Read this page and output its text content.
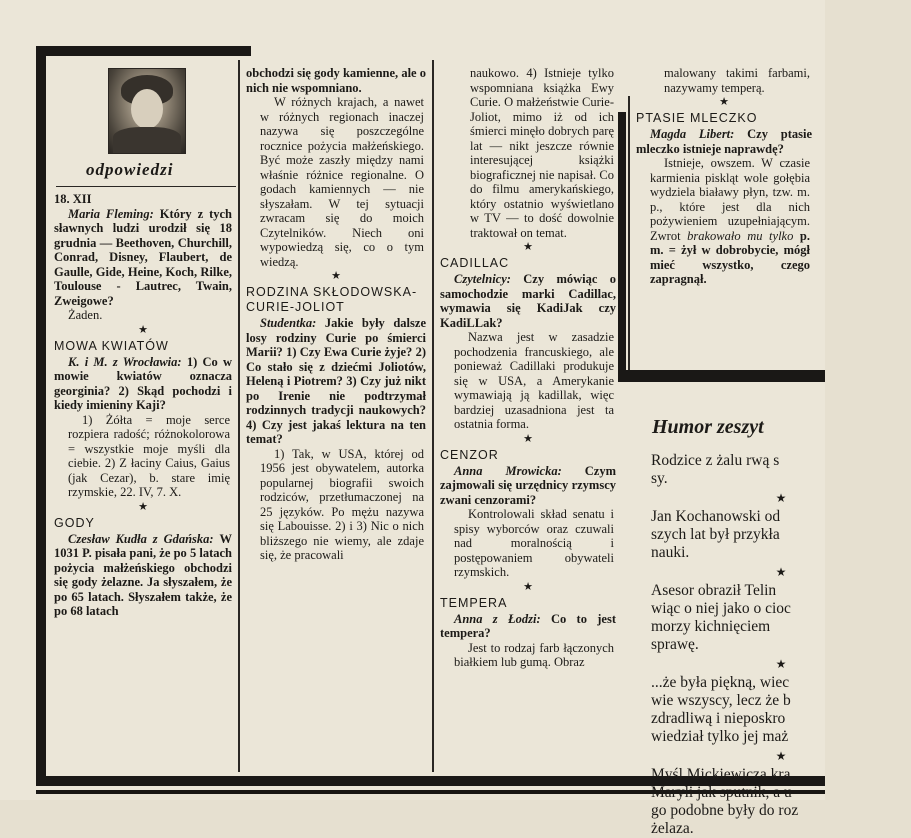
odpowiedzi

18. XII

Maria Fleming: Który z tych sławnych ludzi urodził się 18 grudnia — Beethoven, Churchill, Conrad, Disney, Flaubert, de Gaulle, Gide, Heine, Koch, Rilke, Toulouse - Lautrec, Twain, Zweigowe?

Żaden.

★
MOWA KWIATÓW

K. i M. z Wrocławia: 1) Co w mowie kwiatów oznacza georginia? 2) Skąd pochodzi i kiedy imieniny Kaji?

1) Żółta = moje serce rozpiera radość; różnokolorowa = wszystkie moje myśli dla ciebie. 2) Z łaciny Caius, Gaius (jak Cezar), b. stare imię rzymskie, 22. IV, 7. X.

★
GODY

Czesław Kudła z Gdańska: W 1031 P. pisała pani, że po 5 latach pożycia małżeńskiego obchodzi się gody żelazne. Ja słyszałem, że po 65 latach. Słyszałem także, że po 68 latach

obchodzi się gody kamienne, ale o nich nie wspomniano.

W różnych krajach, a nawet w różnych regionach inaczej nazywa się poszczególne rocznice pożycia małżeńskiego. Być może zaszły między nami właśnie różnice regionalne. O godach kamiennych — nie słyszałam. W tej sytuacji zwracam się do moich Czytelników. Niech oni wypowiedzą się, co o tym wiedzą.

★
RODZINA SKŁODOWSKA-CURIE-JOLIOT

Studentka: Jakie były dalsze losy rodziny Curie po śmierci Marii? 1) Czy Ewa Curie żyje? 2) Co stało się z dziećmi Joliotów, Heleną i Piotrem? 3) Czy już nikt po Irenie nie podtrzymał rodzinnych tradycji naukowych? 4) Czy jest jakaś lektura na ten temat?

1) Tak, w USA, której od 1956 jest obywatelem, autorka popularnej biografii swoich rodziców, przetłumaczonej na 25 języków. Po mężu nazywa się Labouisse. 2) i 3) Nic o nich bliższego nie wiemy, ale zdaje się, że pracowali

naukowo. 4) Istnieje tylko wspomniana książka Ewy Curie. O małżeństwie Curie-Joliot, mimo iż od ich śmierci minęło dobrych parę lat — nikt jeszcze równie interesującej książki biograficznej nie napisał. Co do filmu amerykańskiego, który ostatnio wyświetlano w TV — to dość dowolnie traktował on temat.

★
CADILLAC

Czytelnicy: Czy mówiąc o samochodzie marki Cadillac, wymawia się KadiJak czy KadiLLak?

Nazwa jest w zasadzie pochodzenia francuskiego, ale ponieważ Cadillaki produkuje się w USA, a Amerykanie wymawiają ją kadillak, więc bardziej uzasadniona jest ta ostatnia forma.

★
CENZOR

Anna Mrowicka: Czym zajmowali się urzędnicy rzymscy zwani cenzorami?

Kontrolowali skład senatu i spisy wyborców oraz czuwali nad moralnością i postępowaniem obywateli rzymskich.

★
TEMPERA

Anna z Łodzi: Co to jest tempera?

Jest to rodzaj farb łączonych białkiem lub gumą. Obraz

malowany takimi farbami, nazywamy temperą.

★
PTASIE MLECZKO

Magda Libert: Czy ptasie mleczko istnieje naprawdę?

Istnieje, owszem. W czasie karmienia piskląt wole gołębia wydziela białawy płyn, tzw. m. p., które jest dla nich pożywieniem uzupełniającym. Zwrot brakowało mu tylko p. m. = żył w dobrobycie, mógł mieć wszystko, czego zapragnął.

Humor zeszyt

Rodzice z żalu rwą s

sy.

★

Jan Kochanowski od

szych lat był przykła

nauki.

★

Asesor obraził Telin

wiąc o niej jako o cioc

morzy kichnięciem

sprawę.

★

...że była piękną, wiec

wie wszyscy, lecz że b

zdradliwą i nieposkro

wiedział tylko jej maż

★

Myśl Mickiewicza kra

Maryli jak sputnik, a u

go podobne były do roz

żelaza.
